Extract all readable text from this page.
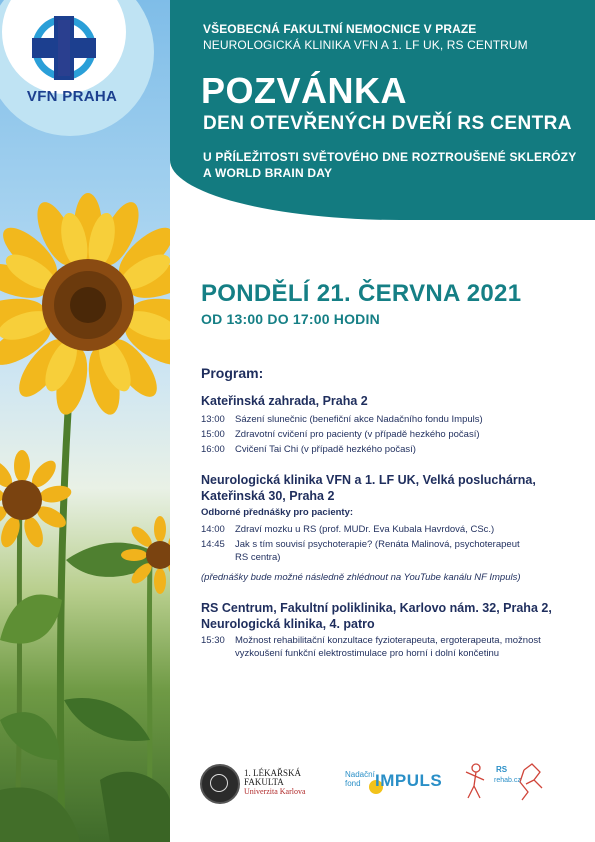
VFN PRAHA
VŠEOBECNÁ FAKULTNÍ NEMOCNICE V PRAZE
NEUROLOGICKÁ KLINIKA VFN A 1. LF UK, RS CENTRUM
POZVÁNKA
DEN OTEVŘENÝCH DVEŘÍ RS CENTRA
U PŘÍLEŽITOSTI SVĚTOVÉHO DNE ROZTROUŠENÉ SKLERÓZY
A WORLD BRAIN DAY
PONDĚLÍ 21. ČERVNA 2021
OD 13:00 DO 17:00 HODIN
Program:
Kateřinská zahrada, Praha 2
13:00	Sázení slunečnic (benefiční akce Nadačního fondu Impuls)
15:00	Zdravotní cvičení pro pacienty (v případě hezkého počasí)
16:00	Cvičení Tai Chi (v případě hezkého počasí)
Neurologická klinika VFN a 1. LF UK, Velká posluchárna,
Kateřinská 30, Praha 2
Odborné přednášky pro pacienty:
14:00	Zdraví mozku u RS (prof. MUDr. Eva Kubala Havrdová, CSc.)
14:45	Jak s tím souvisí psychoterapie? (Renáta Malinová, psychoterapeut
RS centra)
(přednášky bude možné následně zhlédnout na YouTube kanálu NF Impuls)
RS Centrum, Fakultní poliklinika, Karlovo nám. 32, Praha 2,
Neurologická klinika, 4. patro
15:30	Možnost rehabilitační konzultace fyzioterapeuta, ergoterapeuta, možnost
vyzkoušení funkční elektrostimulace pro horní i dolní končetinu
1. LÉKAŘSKÁ
FAKULTA
Univerzita Karlova
Nadační
fond IMPULS
RS
rehab.cz
